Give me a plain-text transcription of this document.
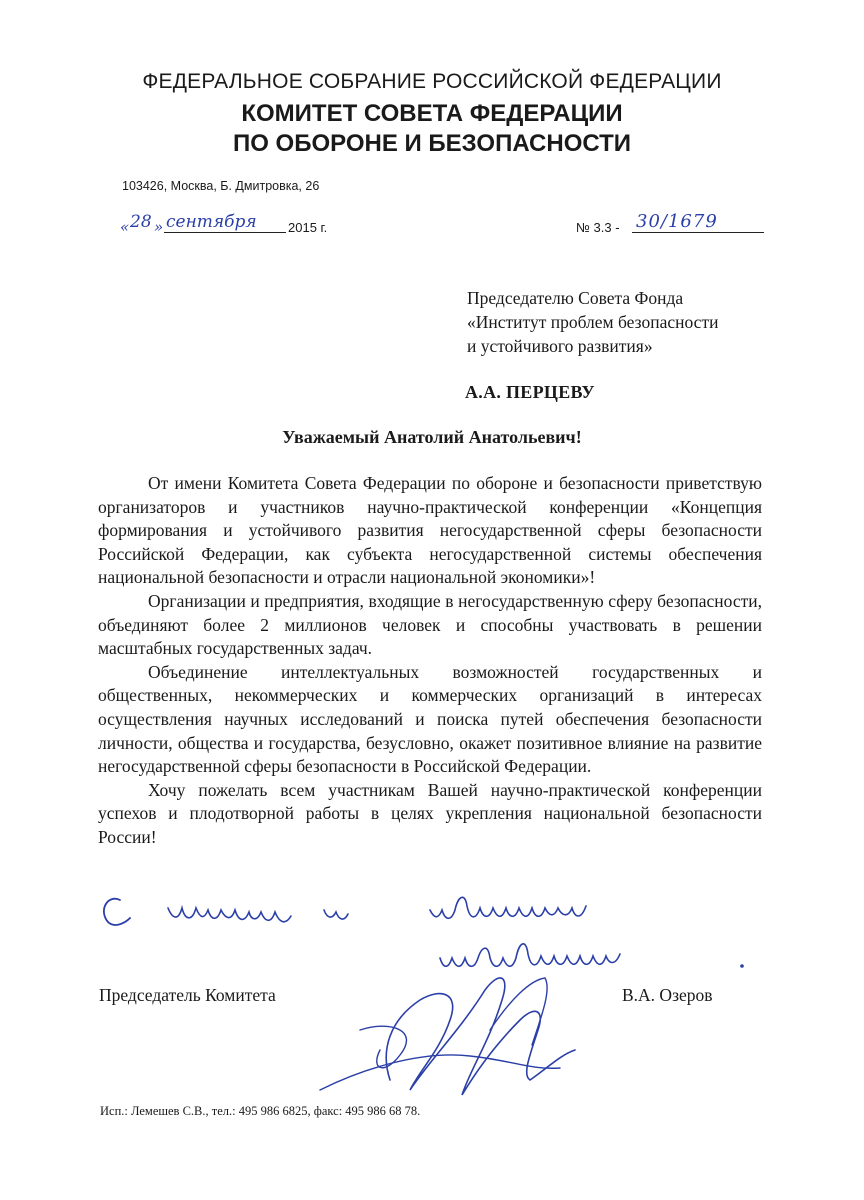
ФЕДЕРАЛЬНОЕ СОБРАНИЕ РОССИЙСКОЙ ФЕДЕРАЦИИ
КОМИТЕТ СОВЕТА ФЕДЕРАЦИИ
ПО ОБОРОНЕ И БЕЗОПАСНОСТИ
103426, Москва, Б. Дмитровка, 26
« 28 » сентября 2015 г.	№ 3.3 - 30/1679
Председателю Совета Фонда
«Институт проблем безопасности
и устойчивого развития»
А.А. ПЕРЦЕВУ
Уважаемый Анатолий Анатольевич!

От имени Комитета Совета Федерации по обороне и безопасности приветствую организаторов и участников научно-практической конференции «Концепция формирования и устойчивого развития негосударственной сферы безопасности Российской Федерации, как субъекта негосударственной системы обеспечения национальной безопасности и отрасли национальной экономики»!

Организации и предприятия, входящие в негосударственную сферу безопасности, объединяют более 2 миллионов человек и способны участвовать в решении масштабных государственных задач.

Объединение интеллектуальных возможностей государственных и общественных, некоммерческих и коммерческих организаций в интересах осуществления научных исследований и поиска путей обеспечения безопасности личности, общества и государства, безусловно, окажет позитивное влияние на развитие негосударственной сферы безопасности в Российской Федерации.

Хочу пожелать всем участникам Вашей научно-практической конференции успехов и плодотворной работы в целях укрепления национальной безопасности России!

Председатель Комитета	В.А. Озеров
Исп.: Лемешев С.В., тел.: 495 986 6825, факс: 495 986 68 78.
